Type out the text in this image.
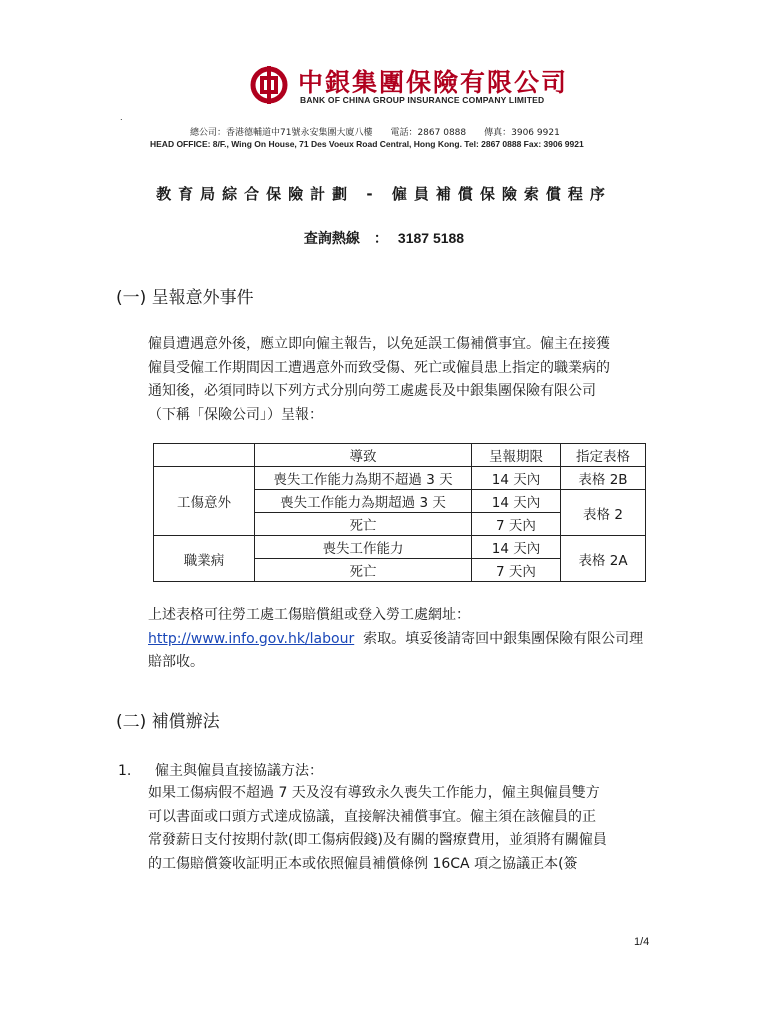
中銀集團保險有限公司
BANK OF CHINA GROUP INSURANCE COMPANY LIMITED
.
總公司：香港德輔道中71號永安集團大廈八樓　　電話：2867 0888　　傳真：3906 9921
HEAD OFFICE: 8/F., Wing On House, 71 Des Voeux Road Central, Hong Kong. Tel: 2867 0888 Fax: 3906 9921
教育局綜合保險計劃 - 僱員補償保險索償程序
查詢熱線　： 3187 5188
(一) 呈報意外事件
僱員遭遇意外後，應立即向僱主報告，以免延誤工傷補償事宜。僱主在接獲
僱員受僱工作期間因工遭遇意外而致受傷、死亡或僱員患上指定的職業病的
通知後，必須同時以下列方式分別向勞工處處長及中銀集團保險有限公司
（下稱「保險公司」）呈報：
	導致	呈報期限	指定表格
工傷意外	喪失工作能力為期不超過 3 天	14 天內	表格 2B
	喪失工作能力為期超過 3 天	14 天內	表格 2
	死亡	7 天內	
職業病	喪失工作能力	14 天內	表格 2A
	死亡	7 天內	
上述表格可往勞工處工傷賠償組或登入勞工處網址：
http://www.info.gov.hk/labour 索取。填妥後請寄回中銀集團保險有限公司理
賠部收。
(二) 補償辦法
1. 僱主與僱員直接協議方法：
如果工傷病假不超過 7 天及沒有導致永久喪失工作能力，僱主與僱員雙方
可以書面或口頭方式達成協議，直接解決補償事宜。僱主須在該僱員的正
常發薪日支付按期付款(即工傷病假錢)及有關的醫療費用，並須將有關僱員
的工傷賠償簽收証明正本或依照僱員補償條例 16CA 項之協議正本(簽
1/4
